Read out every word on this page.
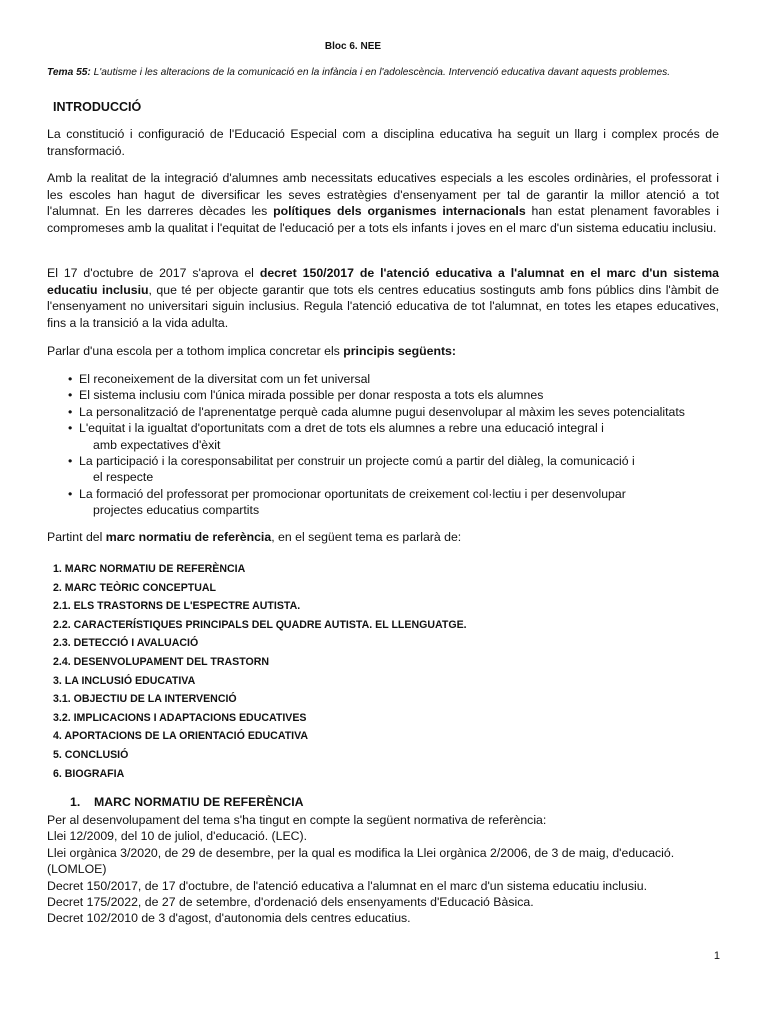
Bloc 6. NEE
Tema 55: L'autisme i les alteracions de la comunicació en la infància i en l'adolescència. Intervenció educativa davant aquests problemes.
INTRODUCCIÓ

La constitució i configuració de l'Educació Especial com a disciplina educativa ha seguit un llarg i complex procés de transformació.

Amb la realitat de la integració d'alumnes amb necessitats educatives especials a les escoles ordinàries, el professorat i les escoles han hagut de diversificar les seves estratègies d'ensenyament per tal de garantir la millor atenció a tot l'alumnat. En les darreres dècades les polítiques dels organismes internacionals han estat plenament favorables i compromeses amb la qualitat i l'equitat de l'educació per a tots els infants i joves en el marc d'un sistema educatiu inclusiu.

El 17 d'octubre de 2017 s'aprova el decret 150/2017 de l'atenció educativa a l'alumnat en el marc d'un sistema educatiu inclusiu, que té per objecte garantir que tots els centres educatius sostinguts amb fons públics dins l'àmbit de l'ensenyament no universitari siguin inclusius. Regula l'atenció educativa de tot l'alumnat, en totes les etapes educatives, fins a la transició a la vida adulta.

Parlar d'una escola per a tothom implica concretar els principis següents:

• El reconeixement de la diversitat com un fet universal
• El sistema inclusiu com l'única mirada possible per donar resposta a tots els alumnes
• La personalització de l'aprenentatge perquè cada alumne pugui desenvolupar al màxim les seves potencialitats
• L'equitat i la igualtat d'oportunitats com a dret de tots els alumnes a rebre una educació integral i
amb expectatives d'èxit
• La participació i la coresponsabilitat per construir un projecte comú a partir del diàleg, la comunicació i
el respecte
• La formació del professorat per promocionar oportunitats de creixement col·lectiu i per desenvolupar
projectes educatius compartits

Partint del marc normatiu de referència, en el següent tema es parlarà de:

1. MARC NORMATIU DE REFERÈNCIA
2. MARC TEÒRIC CONCEPTUAL
2.1. ELS TRASTORNS DE L'ESPECTRE AUTISTA.
2.2. CARACTERÍSTIQUES PRINCIPALS DEL QUADRE AUTISTA. EL LLENGUATGE.
2.3. DETECCIÓ I AVALUACIÓ
2.4. DESENVOLUPAMENT DEL TRASTORN
3. LA INCLUSIÓ EDUCATIVA
3.1. OBJECTIU DE LA INTERVENCIÓ
3.2. IMPLICACIONS I ADAPTACIONS EDUCATIVES
4. APORTACIONS DE LA ORIENTACIÓ EDUCATIVA
5. CONCLUSIÓ
6. BIOGRAFIA
1. MARC NORMATIU DE REFERÈNCIA
Per al desenvolupament del tema s'ha tingut en compte la següent normativa de referència:
Llei 12/2009, del 10 de juliol, d'educació. (LEC).
Llei orgànica 3/2020, de 29 de desembre, per la qual es modifica la Llei orgànica 2/2006, de 3 de maig, d'educació. (LOMLOE)
Decret 150/2017, de 17 d'octubre, de l'atenció educativa a l'alumnat en el marc d'un sistema educatiu inclusiu.
Decret 175/2022, de 27 de setembre, d'ordenació dels ensenyaments d'Educació Bàsica.
Decret 102/2010 de 3 d'agost, d'autonomia dels centres educatius.
1
